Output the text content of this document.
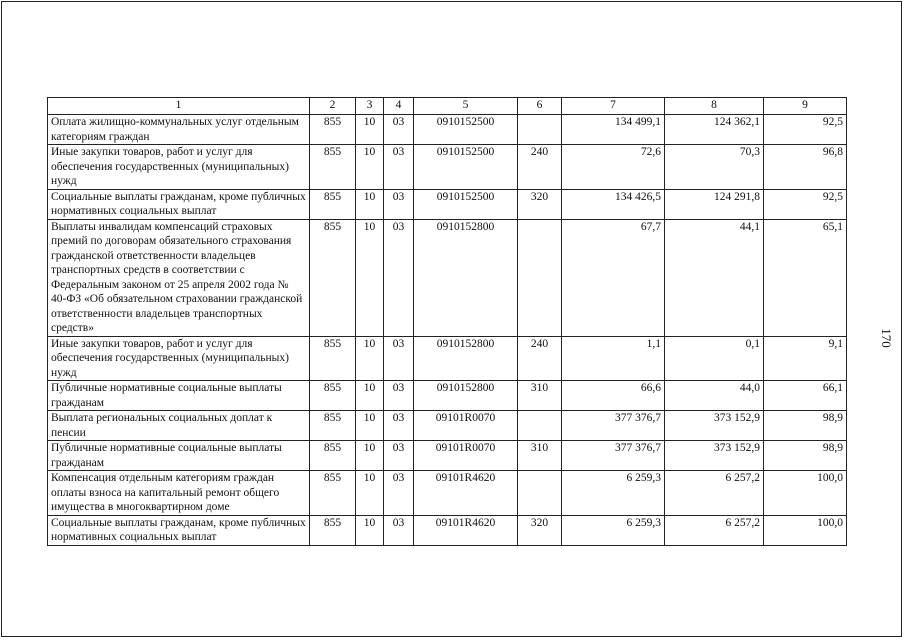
1	2	3	4	5	6	7	8	9
Оплата жилищно-коммунальных услуг отдельным категориям граждан	855	10	03	0910152500		134 499,1	124 362,1	92,5
Иные закупки товаров, работ и услуг для обеспечения государственных (муниципальных) нужд	855	10	03	0910152500	240	72,6	70,3	96,8
Социальные выплаты гражданам, кроме публичных нормативных социальных выплат	855	10	03	0910152500	320	134 426,5	124 291,8	92,5
Выплаты инвалидам компенсаций страховых премий по договорам обязательного страхования гражданской ответственности владельцев транспортных средств в соответствии с Федеральным законом от 25 апреля 2002 года № 40-ФЗ «Об обязательном страховании гражданской ответственности владельцев транспортных средств»	855	10	03	0910152800		67,7	44,1	65,1
Иные закупки товаров, работ и услуг для обеспечения государственных (муниципальных) нужд	855	10	03	0910152800	240	1,1	0,1	9,1
Публичные нормативные социальные выплаты гражданам	855	10	03	0910152800	310	66,6	44,0	66,1
Выплата региональных социальных доплат к пенсии	855	10	03	09101R0070		377 376,7	373 152,9	98,9
Публичные нормативные социальные выплаты гражданам	855	10	03	09101R0070	310	377 376,7	373 152,9	98,9
Компенсация отдельным категориям граждан оплаты взноса на капитальный ремонт общего имущества в многоквартирном доме	855	10	03	09101R4620		6 259,3	6 257,2	100,0
Социальные выплаты гражданам, кроме публичных нормативных социальных выплат	855	10	03	09101R4620	320	6 259,3	6 257,2	100,0
170
